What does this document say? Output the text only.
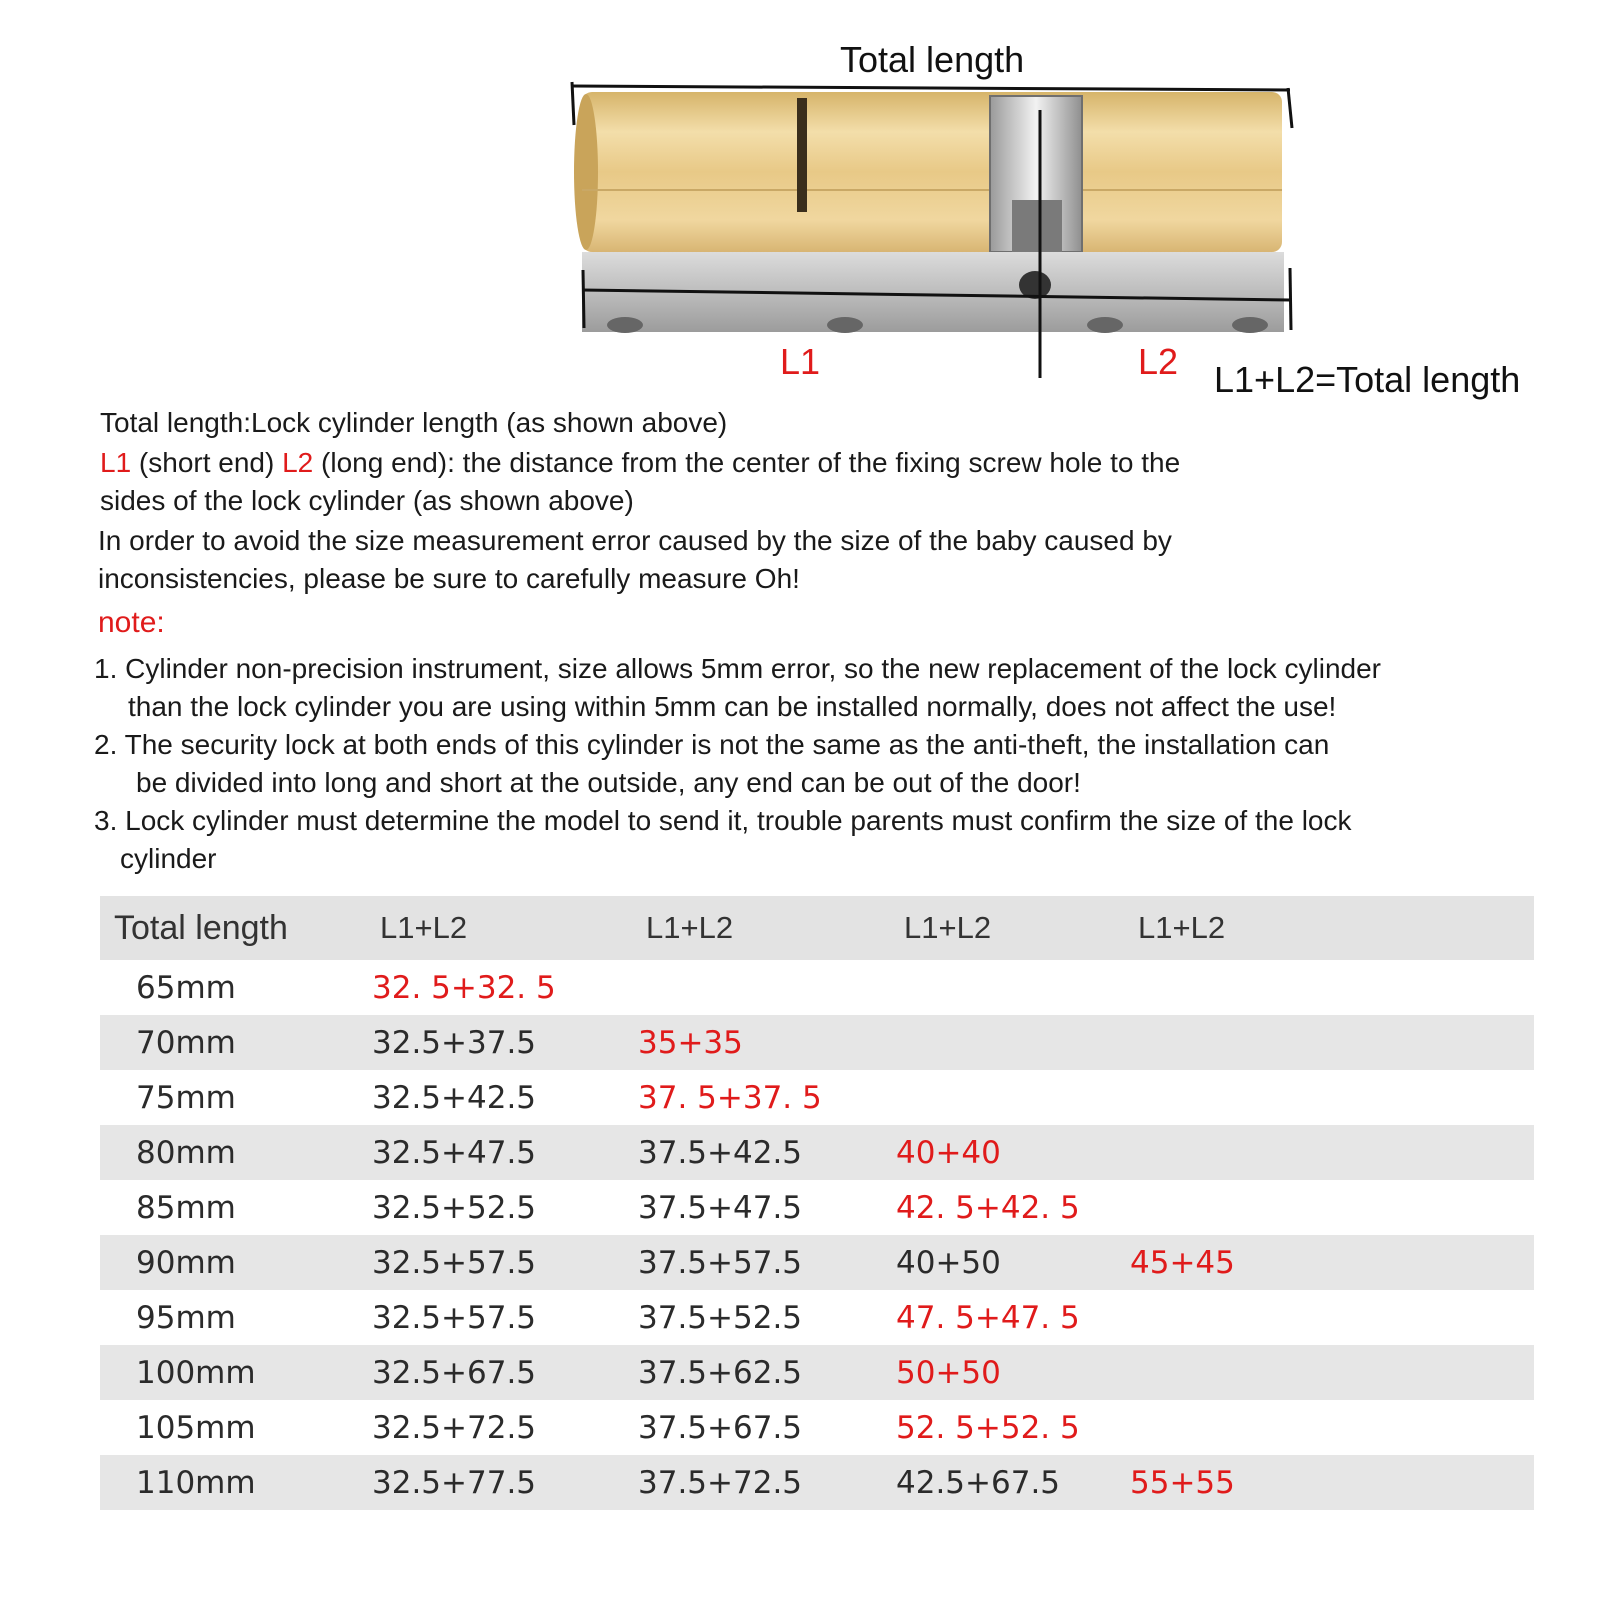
Total length
L1	L2 L1+L2=Total length
Total length:Lock cylinder length (as shown above)
L1 (short end) L2 (long end): the distance from the center of the fixing screw hole to the
sides of the lock cylinder (as shown above)
In order to avoid the size measurement error caused by the size of the baby caused by
inconsistencies, please be sure to carefully measure Oh!
note:
1. Cylinder non-precision instrument, size allows 5mm error, so the new replacement of the lock cylinder
than the lock cylinder you are using within 5mm can be installed normally, does not affect the use!
2. The security lock at both ends of this cylinder is not the same as the anti-theft, the installation can
be divided into long and short at the outside, any end can be out of the door!
3. Lock cylinder must determine the model to send it, trouble parents must confirm the size of the lock
cylinder
Total length	L1+L2	L1+L2	L1+L2	L1+L2
65mm	32. 5+32. 5
70mm	32.5+37.5	35+35
75mm	32.5+42.5	37. 5+37. 5
80mm	32.5+47.5	37.5+42.5	40+40
85mm	32.5+52.5	37.5+47.5	42. 5+42. 5
90mm	32.5+57.5	37.5+57.5	40+50	45+45
95mm	32.5+57.5	37.5+52.5	47. 5+47. 5
100mm	32.5+67.5	37.5+62.5	50+50
105mm	32.5+72.5	37.5+67.5	52. 5+52. 5
110mm	32.5+77.5	37.5+72.5	42.5+67.5 55+55
